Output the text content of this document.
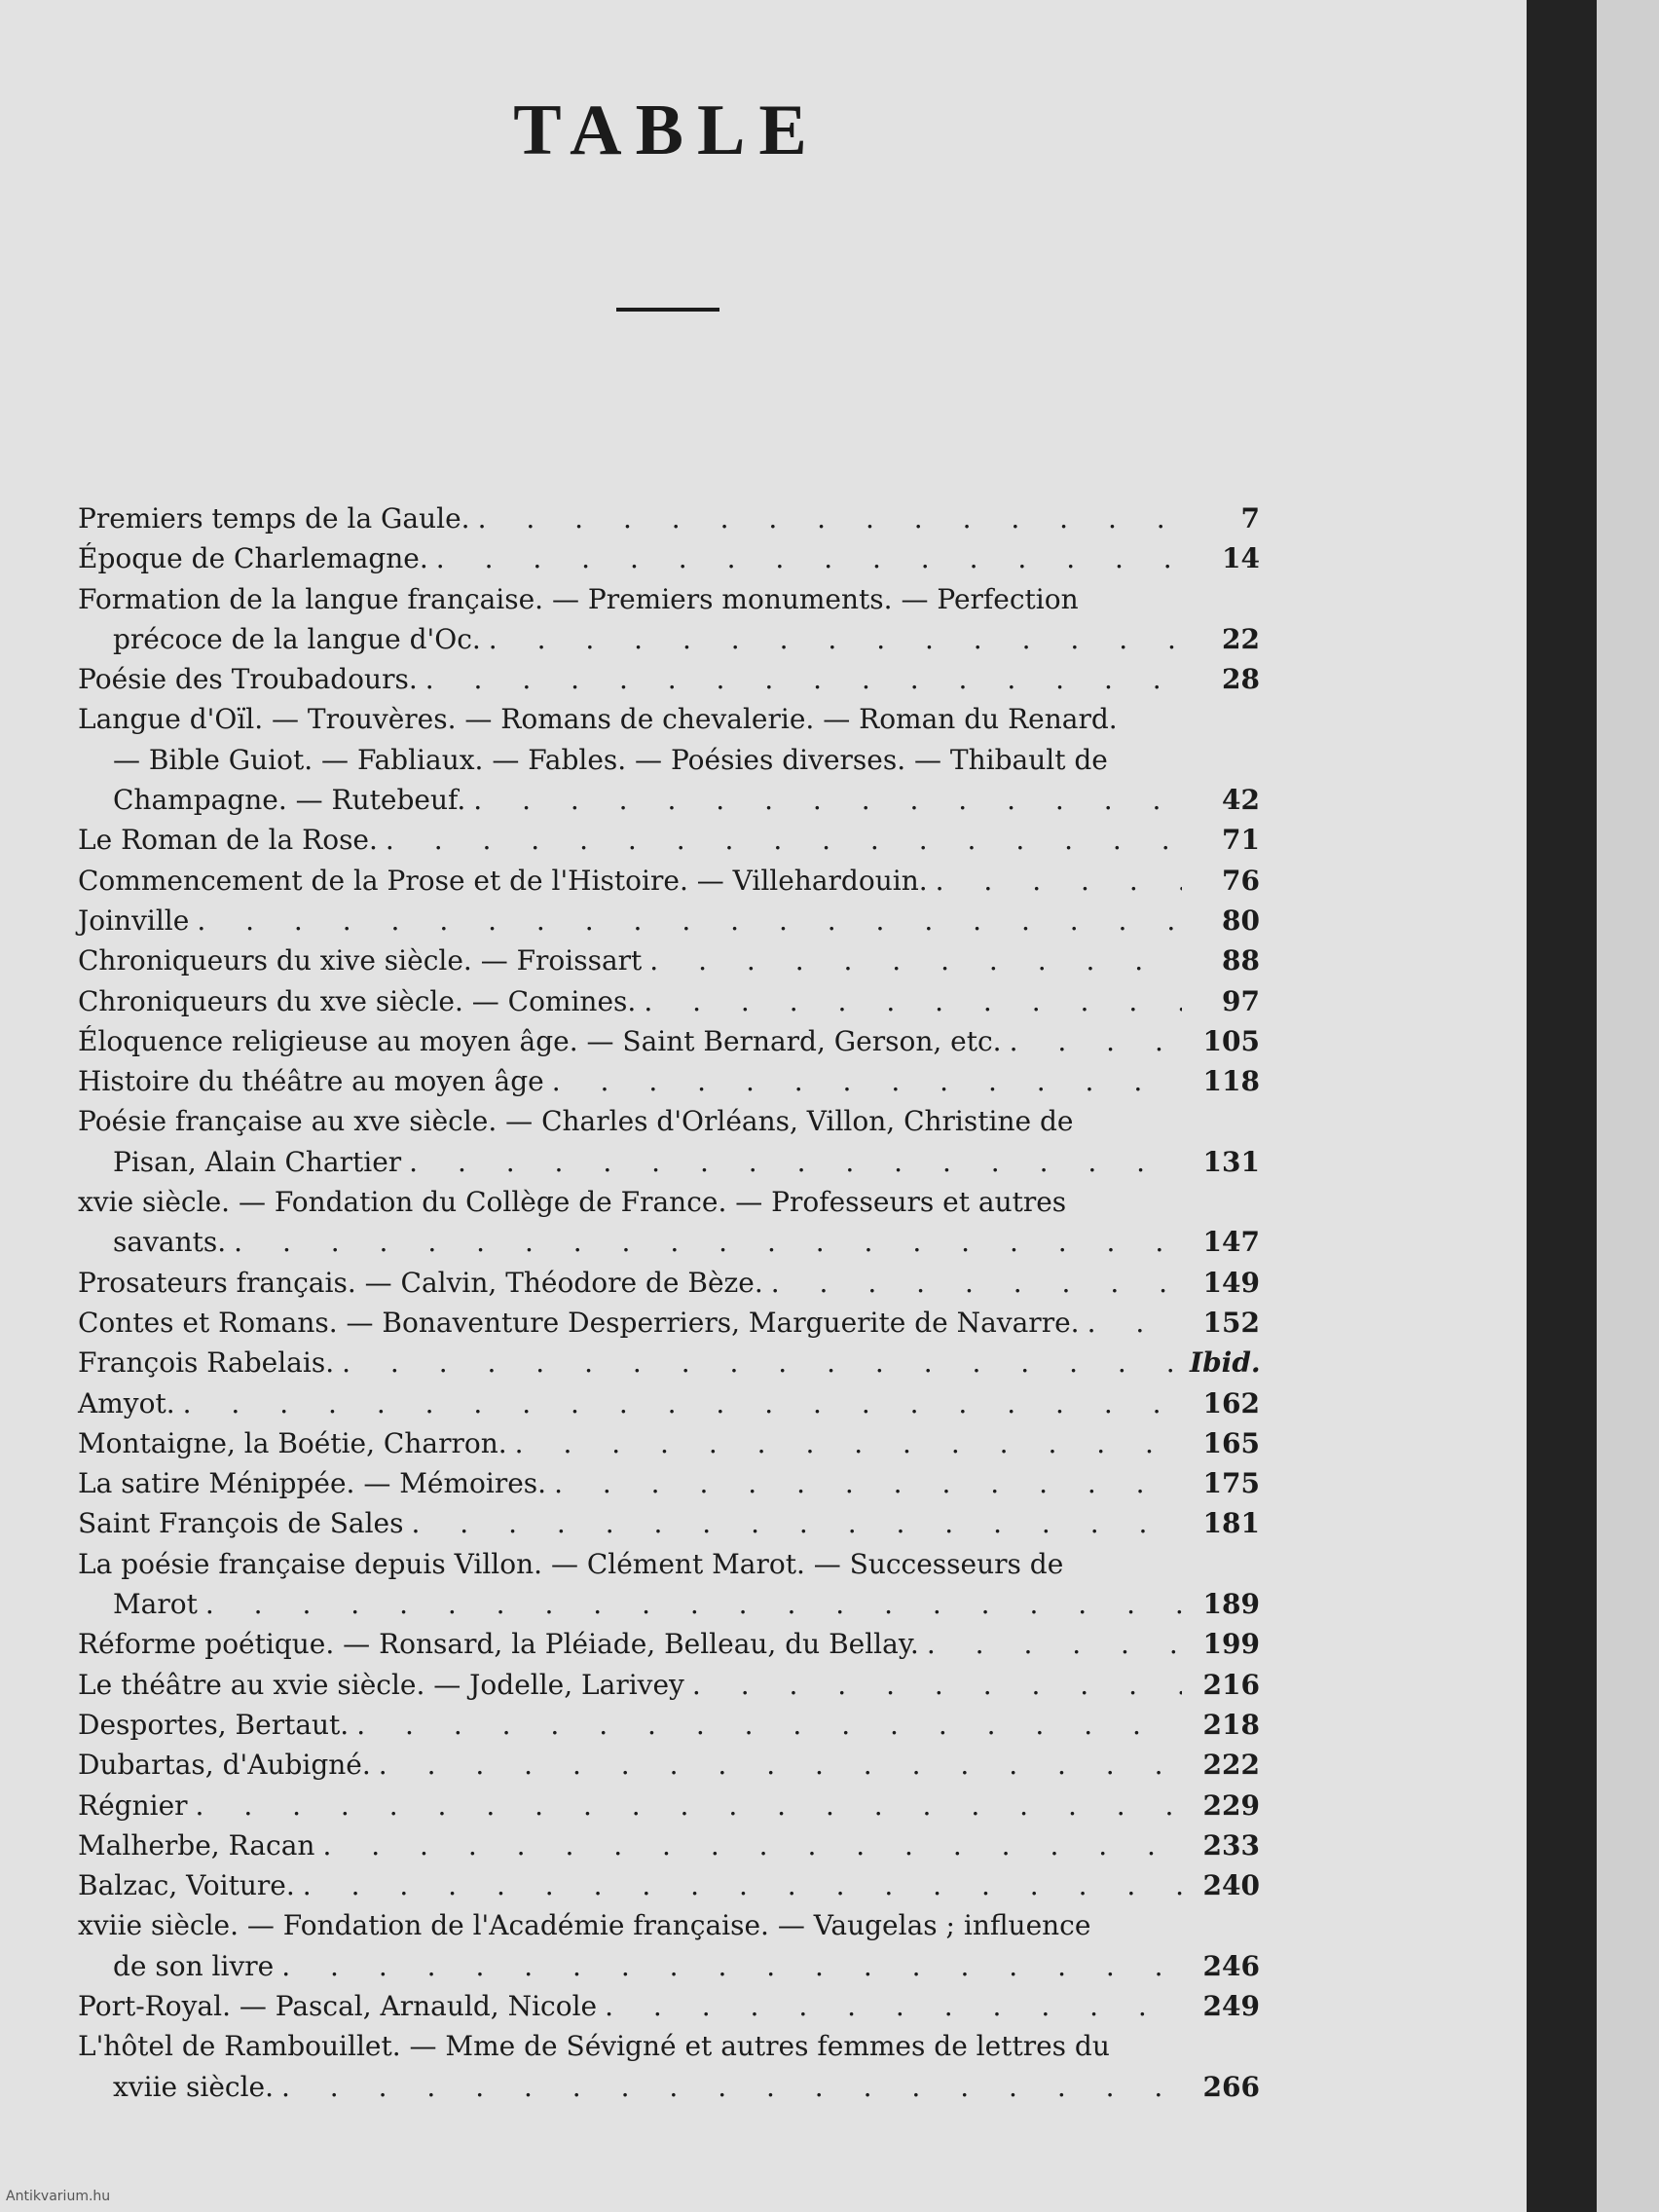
TABLE
Premiers temps de la Gaule. . . .	7
Époque de Charlemagne. . . .	14
Formation de la langue française. — Premiers monuments. — Perfection
précoce de la langue d'Oc. . . .	22
Poésie des Troubadours. . . .	28
Langue d'Oïl. — Trouvères. — Romans de chevalerie. — Roman du Renard.
— Bible Guiot. — Fabliaux. — Fables. — Poésies diverses. — Thibault de
Champagne. — Rutebeuf. . . .	42
Le Roman de la Rose. . . .	71
Commencement de la Prose et de l'Histoire. — Villehardouin. . . .	76
Joinville . . .	80
Chroniqueurs du xive siècle. — Froissart . . .	88
Chroniqueurs du xve siècle. — Comines. . . .	97
Éloquence religieuse au moyen âge. — Saint Bernard, Gerson, etc. . . .	105
Histoire du théâtre au moyen âge . . .	118
Poésie française au xve siècle. — Charles d'Orléans, Villon, Christine de
Pisan, Alain Chartier . . .	131
xvie siècle. — Fondation du Collège de France. — Professeurs et autres
savants. . . .	147
Prosateurs français. — Calvin, Théodore de Bèze. . . .	149
Contes et Romans. — Bonaventure Desperriers, Marguerite de Navarre. . . .	152
François Rabelais. . . .	Ibid.
Amyot. . . .	162
Montaigne, la Boétie, Charron. . . .	165
La satire Ménippée. — Mémoires. . . .	175
Saint François de Sales . . .	181
La poésie française depuis Villon. — Clément Marot. — Successeurs de
Marot . . .	189
Réforme poétique. — Ronsard, la Pléiade, Belleau, du Bellay. . . .	199
Le théâtre au xvie siècle. — Jodelle, Larivey . . .	216
Desportes, Bertaut. . . .	218
Dubartas, d'Aubigné. . . .	222
Régnier . . .	229
Malherbe, Racan . . .	233
Balzac, Voiture. . . .	240
xviie siècle. — Fondation de l'Académie française. — Vaugelas ; influence
de son livre . . .	246
Port-Royal. — Pascal, Arnauld, Nicole . . .	249
L'hôtel de Rambouillet. — Mme de Sévigné et autres femmes de lettres du
xviie siècle. . . .	266
Antikvarium.hu
